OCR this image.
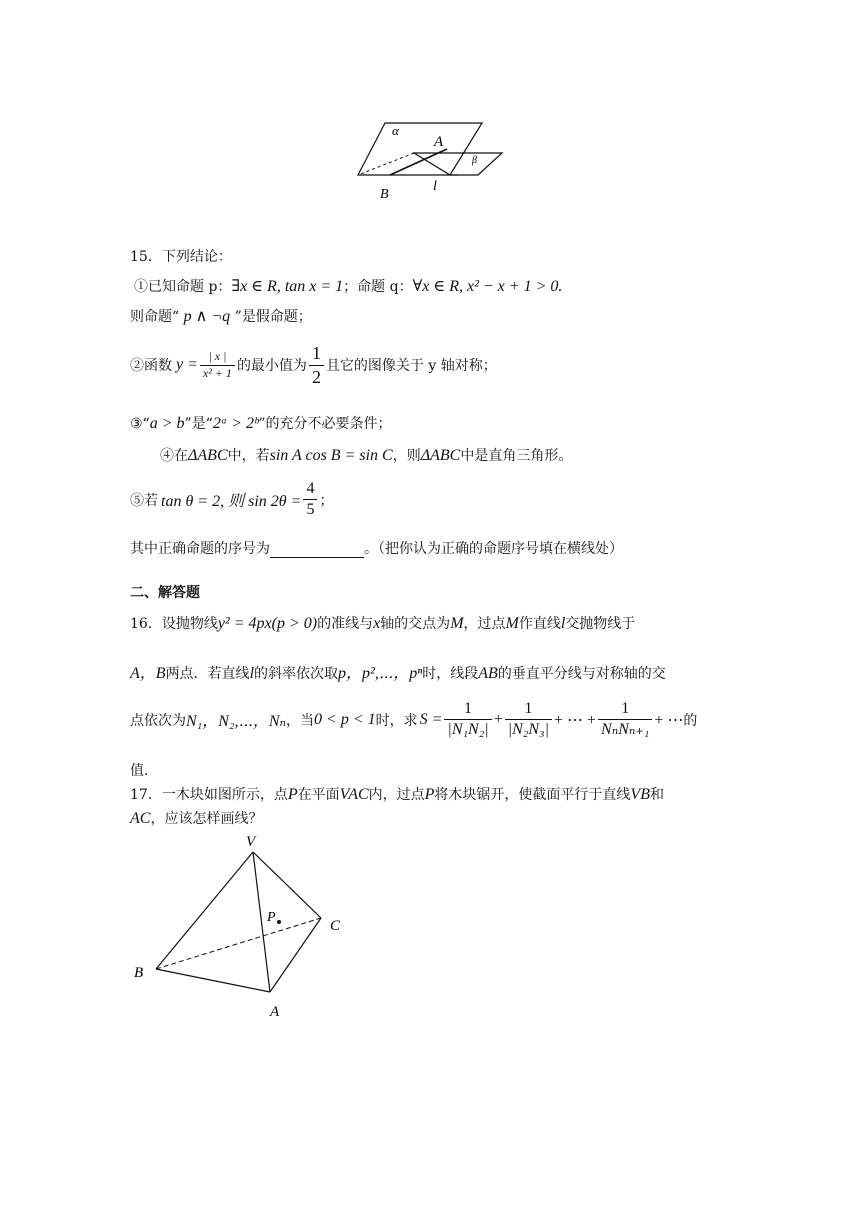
α
A
β
B
l
15．下列结论：
①已知命题 p：∃x ∈ R, tan x = 1；命题 q：∀x ∈ R, x² − x + 1 > 0.
则命题“ p ∧ ¬q ”是假命题；
②函数 $y = \frac{| x |}{\text{x² + 1}}$ 的最小值为 $\frac{1}{2}$ 且它的图像关于 y 轴对称；
③“a > b”是“2ᵃ > 2ᵇ”的充分不必要条件；
④在ΔABC中，若sin A cos B = sin C，则ΔABC中是直角三角形。
⑤若 tan θ = 2, 则 $\sin 2\theta = \frac{4}{5}$ ；
其中正确命题的序号为	。（把你认为正确的命题序号填在横线处）
二、解答题
16．设抛物线y² = 4px(p > 0)的准线与x轴的交点为M，过点M作直线l交抛物线于
A，B两点．若直线l的斜率依次取p，p²,⋯，pⁿ时，线段AB的垂直平分线与对称轴的交
点依次为 N₁，N₂,⋯，Nₙ ，当 0 < p < 1 时，求 $S = \frac{1}{\text{|N₁N₂|}} + \frac{1}{\text{|N₂N₃|}}$ + ⋯ + $\frac{1}{\text{NₙNₙ₊₁}}$ + ⋯ 的
值．
17．一木块如图所示，点P在平面VAC内，过点P将木块锯开，使截面平行于直线VB和
AC，应该怎样画线？
V
P
C
B
A
